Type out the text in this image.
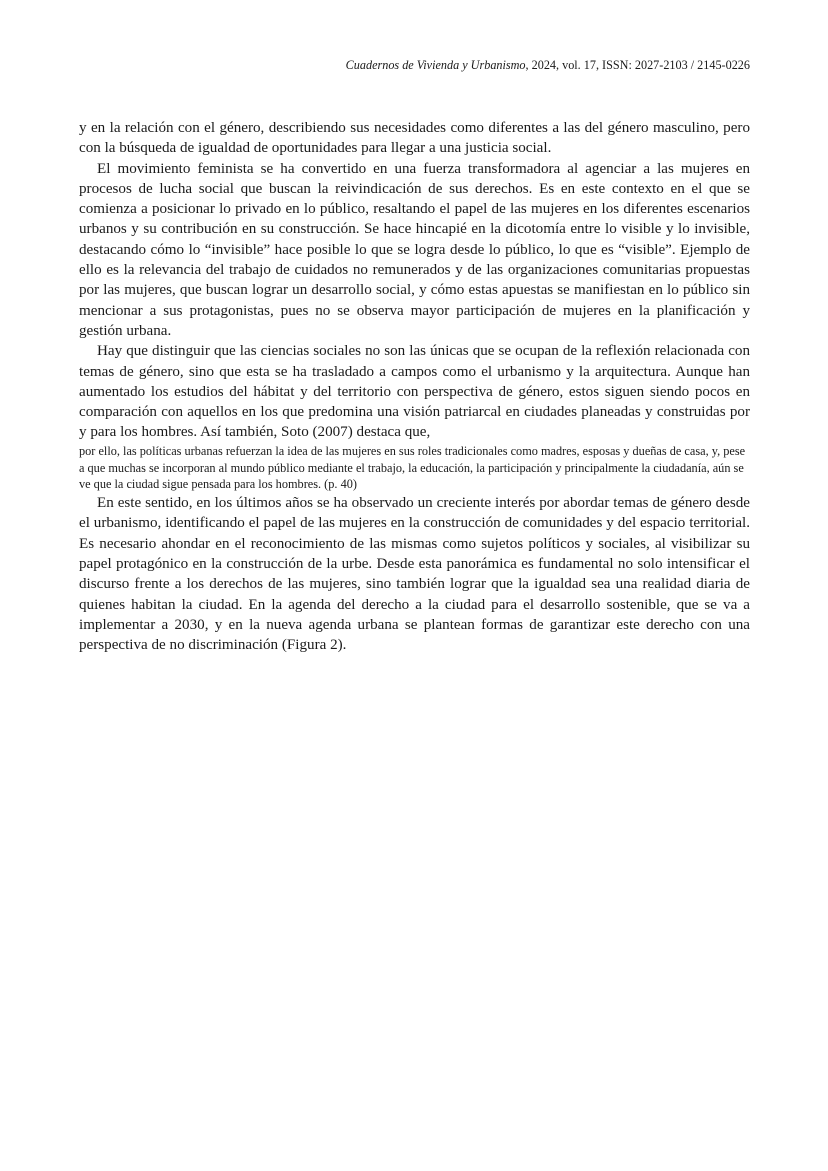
Cuadernos de Vivienda y Urbanismo, 2024, vol. 17, ISSN: 2027-2103 / 2145-0226

y en la relación con el género, describiendo sus necesidades como diferentes a las del género masculino, pero con la búsqueda de igualdad de oportunidades para llegar a una justicia social.

El movimiento feminista se ha convertido en una fuerza transformadora al agenciar a las mujeres en procesos de lucha social que buscan la reivindicación de sus derechos. Es en este contexto en el que se comienza a posicionar lo privado en lo público, resaltando el papel de las mujeres en los diferentes escenarios urbanos y su contribución en su construcción. Se hace hincapié en la dicotomía entre lo visible y lo invisible, destacando cómo lo “invisible” hace posible lo que se logra desde lo público, lo que es “visible”. Ejemplo de ello es la relevancia del trabajo de cuidados no remunerados y de las organizaciones comunitarias propuestas por las mujeres, que buscan lograr un desarrollo social, y cómo estas apuestas se manifiestan en lo público sin mencionar a sus protagonistas, pues no se observa mayor participación de mujeres en la planificación y gestión urbana.

Hay que distinguir que las ciencias sociales no son las únicas que se ocupan de la reflexión relacionada con temas de género, sino que esta se ha trasladado a campos como el urbanismo y la arquitectura. Aunque han aumentado los estudios del hábitat y del territorio con perspectiva de género, estos siguen siendo pocos en comparación con aquellos en los que predomina una visión patriarcal en ciudades planeadas y construidas por y para los hombres. Así también, Soto (2007) destaca que,

por ello, las políticas urbanas refuerzan la idea de las mujeres en sus roles tradicionales como madres, esposas y dueñas de casa, y, pese a que muchas se incorporan al mundo público mediante el trabajo, la educación, la participación y principalmente la ciudadanía, aún se ve que la ciudad sigue pensada para los hombres. (p. 40)

En este sentido, en los últimos años se ha observado un creciente interés por abordar temas de género desde el urbanismo, identificando el papel de las mujeres en la construcción de comunidades y del espacio territorial. Es necesario ahondar en el reconocimiento de las mismas como sujetos políticos y sociales, al visibilizar su papel protagónico en la construcción de la urbe. Desde esta panorámica es fundamental no solo intensificar el discurso frente a los derechos de las mujeres, sino también lograr que la igualdad sea una realidad diaria de quienes habitan la ciudad. En la agenda del derecho a la ciudad para el desarrollo sostenible, que se va a implementar a 2030, y en la nueva agenda urbana se plantean formas de garantizar este derecho con una perspectiva de no discriminación (Figura 2).
